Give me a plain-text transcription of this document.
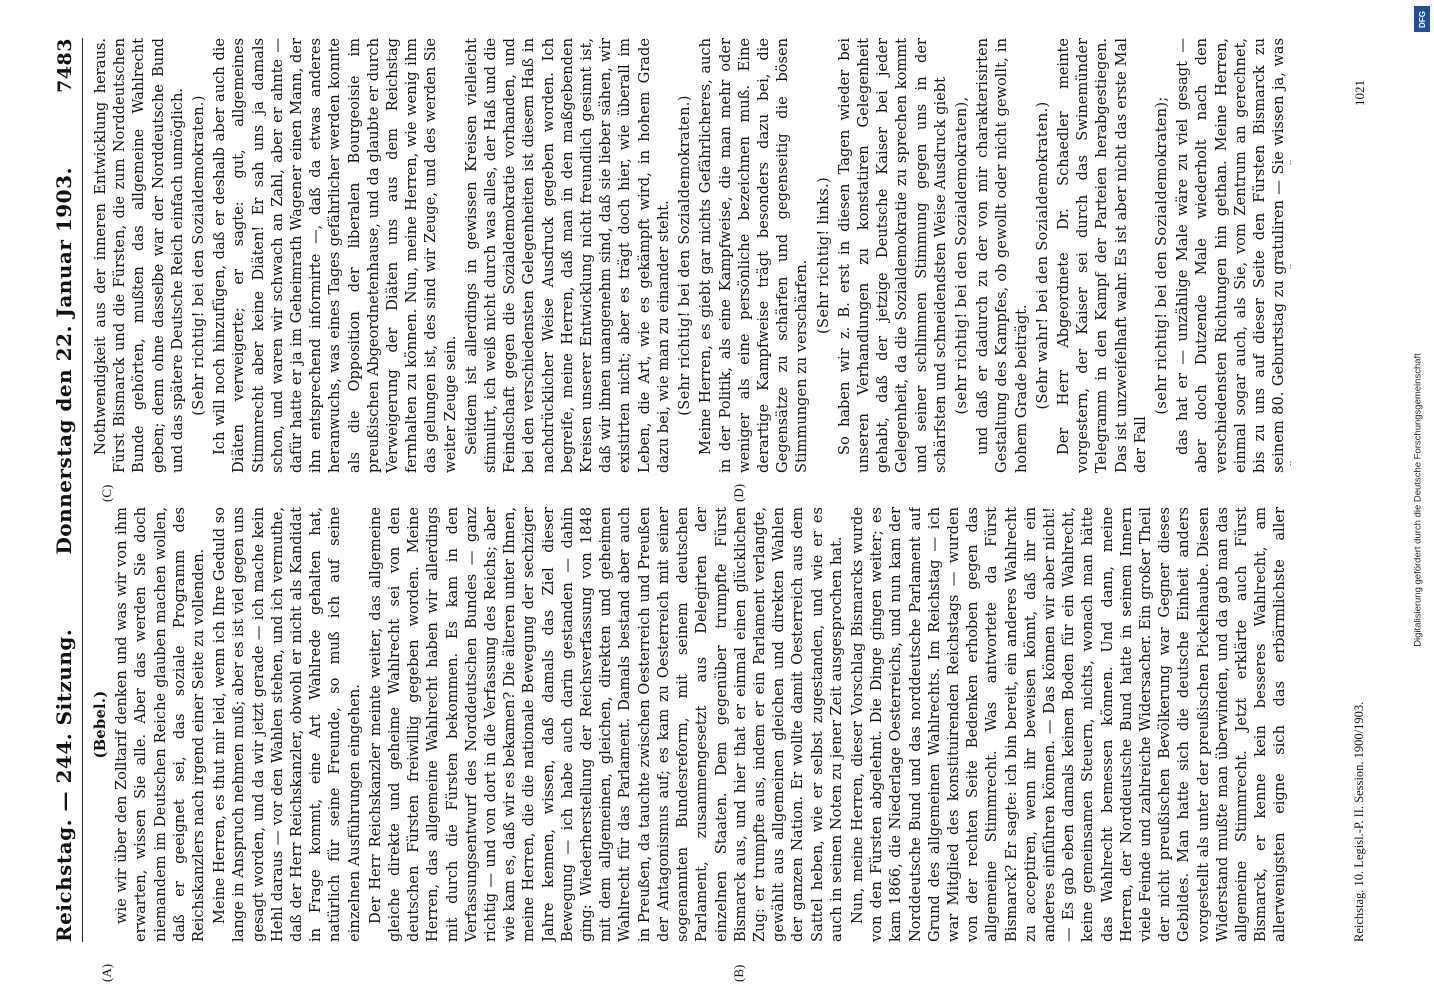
Reichstag. — 244. Sitzung.
Donnerstag den 22. Januar 1903.
7483

(Bebel.) wie wir über den Zolltarif denken und was wir von ihm erwarten, wissen Sie alle. Aber das werden Sie doch niemandem im Deutschen Reiche glauben machen wollen, daß er geeignet sei, das soziale Programm des Reichskanzlers nach irgend einer Seite zu vollenden. Meine Herren, es thut mir leid, wenn ich Ihre Geduld so lange in Anspruch nehmen muß; aber es ist viel gegen uns gesagt worden, und da wir jetzt gerade — ich mache kein Hehl daraus — vor den Wahlen stehen, und ich vermuthe, daß der Herr Reichskanzler, obwohl er nicht als Kandidat in Frage kommt, eine Art Wahlrede gehalten hat, natürlich für seine Freunde, so muß ich auf seine einzelnen Ausführungen eingehen. Der Herr Reichskanzler meinte weiter, das allgemeine gleiche direkte und geheime Wahlrecht sei von den deutschen Fürsten freiwillig gegeben worden. Meine Herren, das allgemeine Wahlrecht haben wir allerdings mit durch die Fürsten bekommen. Es kam in den Verfassungsentwurf des Norddeutschen Bundes — ganz richtig — und von dort in die Verfassung des Reichs; aber wie kam es, daß wir es bekamen? Die älteren unter Ihnen, meine Herren, die die nationale Bewegung der sechziger Jahre kennen, wissen, daß damals das Ziel dieser Bewegung — ich habe auch darin gestanden — dahin ging: Wiederherstellung der Reichsverfassung von 1848 mit dem allgemeinen, gleichen, direkten und geheimen Wahlrecht für das Parlament. Damals bestand aber auch in Preußen, da tauchte zwischen Oesterreich und Preußen der Antagonismus auf; es kam zu Oesterreich mit seiner sogenannten Bundesreform, mit seinem deutschen Parlament, zusammengesetzt aus Delegirten der einzelnen Staaten. Dem gegenüber trumpfte Fürst Bismarck aus, und hier that er einmal einen glücklichen Zug: er trumpfte aus, indem er ein Parlament verlangte, gewählt aus allgemeinen gleichen und direkten Wahlen der ganzen Nation. Er wollte damit Oesterreich aus dem Sattel heben, wie er selbst zugestanden, und wie er es auch in seinen Noten zu jener Zeit ausgesprochen hat. Nun, meine Herren, dieser Vorschlag Bismarcks wurde von den Fürsten abgelehnt. Die Dinge gingen weiter; es kam 1866, die Niederlage Oesterreichs, und nun kam der Norddeutsche Bund und das norddeutsche Parlament auf Grund des allgemeinen Wahlrechts. Im Reichstag — ich war Mitglied des konstituirenden Reichstags — wurden von der rechten Seite Bedenken erhoben gegen das allgemeine Stimmrecht. Was antwortete da Fürst Bismarck? Er sagte: ich bin bereit, ein anderes Wahlrecht zu acceptiren, wenn ihr beweisen könnt, daß ihr ein anderes einführen können. — Das können wir aber nicht! — Es gab eben damals keinen Boden für ein Wahlrecht, keine gemeinsamen Steuern, nichts, wonach man hätte das Wahlrecht bemessen können. Und dann, meine Herren, der Norddeutsche Bund hatte in seinem Innern viele Feinde und zahlreiche Widersacher. Ein großer Theil der nicht preußischen Bevölkerung war Gegner dieses Gebildes. Man hatte sich die deutsche Einheit anders vorgestellt als unter der preußischen Pickelhaube. Diesen Widerstand mußte man überwinden, und da gab man das allgemeine Stimmrecht. Jetzt erklärte auch Fürst Bismarck, er kenne kein besseres Wahlrecht, am allerwenigsten eigne sich das erbärmlichste aller

Nothwendigkeit aus der inneren Entwicklung heraus. Fürst Bismarck und die Fürsten, die zum Norddeutschen Bunde gehörten, mußten das allgemeine Wahlrecht geben; denn ohne dasselbe war der Norddeutsche Bund und das spätere Deutsche Reich einfach unmöglich. (Sehr richtig! bei den Sozialdemokraten.) Ich will noch hinzufügen, daß er deshalb aber auch die Diäten verweigerte; er sagte: gut, allgemeines Stimmrecht aber keine Diäten! Er sah uns ja damals schon, und waren wir schwach an Zahl, aber er ahnte — dafür hatte er ja im Geheimrath Wagener einen Mann, der ihn entsprechend informirte —, daß da etwas anderes heranwuchs, was eines Tages gefährlicher werden konnte als die Opposition der liberalen Bourgeoisie im preußischen Abgeordnetenhause, und da glaubte er durch Verweigerung der Diäten uns aus dem Reichstag fernhalten zu können. Nun, meine Herren, wie wenig ihm das gelungen ist, des sind wir Zeuge, und des werden Sie weiter Zeuge sein. Seitdem ist allerdings in gewissen Kreisen vielleicht stimulirt, ich weiß nicht durch was alles, der Haß und die Feindschaft gegen die Sozialdemokratie vorhanden, und bei den verschiedensten Gelegenheiten ist diesem Haß in nachdrücklicher Weise Ausdruck gegeben worden. Ich begreife, meine Herren, daß man in den maßgebenden Kreisen unserer Entwicklung nicht freundlich gesinnt ist, daß wir ihnen unangenehm sind, daß sie lieber sähen, wir existirten nicht; aber es trägt doch hier, wie überall im Leben, die Art, wie es gekämpft wird, in hohem Grade dazu bei, wie man zu einander steht. (Sehr richtig! bei den Sozialdemokraten.) Meine Herren, es giebt gar nichts Gefährlicheres, auch in der Politik, als eine Kampfweise, die man mehr oder weniger als eine persönliche bezeichnen muß. Eine derartige Kampfweise trägt besonders dazu bei, die Gegensätze zu schärfen und gegenseitig die bösen Stimmungen zu verschärfen.

(Sehr richtig! links.) So haben wir z. B. erst in diesen Tagen wieder bei unseren Verhandlungen zu konstatiren Gelegenheit gehabt, daß der jetzige Deutsche Kaiser bei jeder Gelegenheit, da die Sozialdemokratie zu sprechen kommt und seiner schlimmen Stimmung gegen uns in der schärfsten und schneidendsten Weise Ausdruck giebt (sehr richtig! bei den Sozialdemokraten), und daß er dadurch zu der von mir charakterisirten Gestaltung des Kampfes, ob gewollt oder nicht gewollt, in hohem Grade beiträgt. (Sehr wahr! bei den Sozialdemokraten.) Der Herr Abgeordnete Dr. Schaedler meinte vorgestern, der Kaiser sei durch das Swinemünder Telegramm in den Kampf der Parteien herabgestiegen. Das ist unzweifelhaft wahr. Es ist aber nicht das erste Mal der Fall

(sehr richtig! bei den Sozialdemokraten);

das hat er — unzählige Male wäre zu viel gesagt — aber doch Dutzende Male wiederholt nach den verschiedensten Richtungen hin gethan. Meine Herren, einmal sogar auch, als Sie, vom Zentrum an gerechnet, bis zu uns auf dieser Seite den Fürsten Bismarck zu seinem 80. Geburtstag zu gratuliren — Sie wissen ja, was

(A)	(B)
(C)	(D)
Reichstag. 10. Legisl.-P. II. Session. 1900/1903.
1021
Digitalisierung gefördert durch die Deutsche Forschungsgemeinschaft
DFG
